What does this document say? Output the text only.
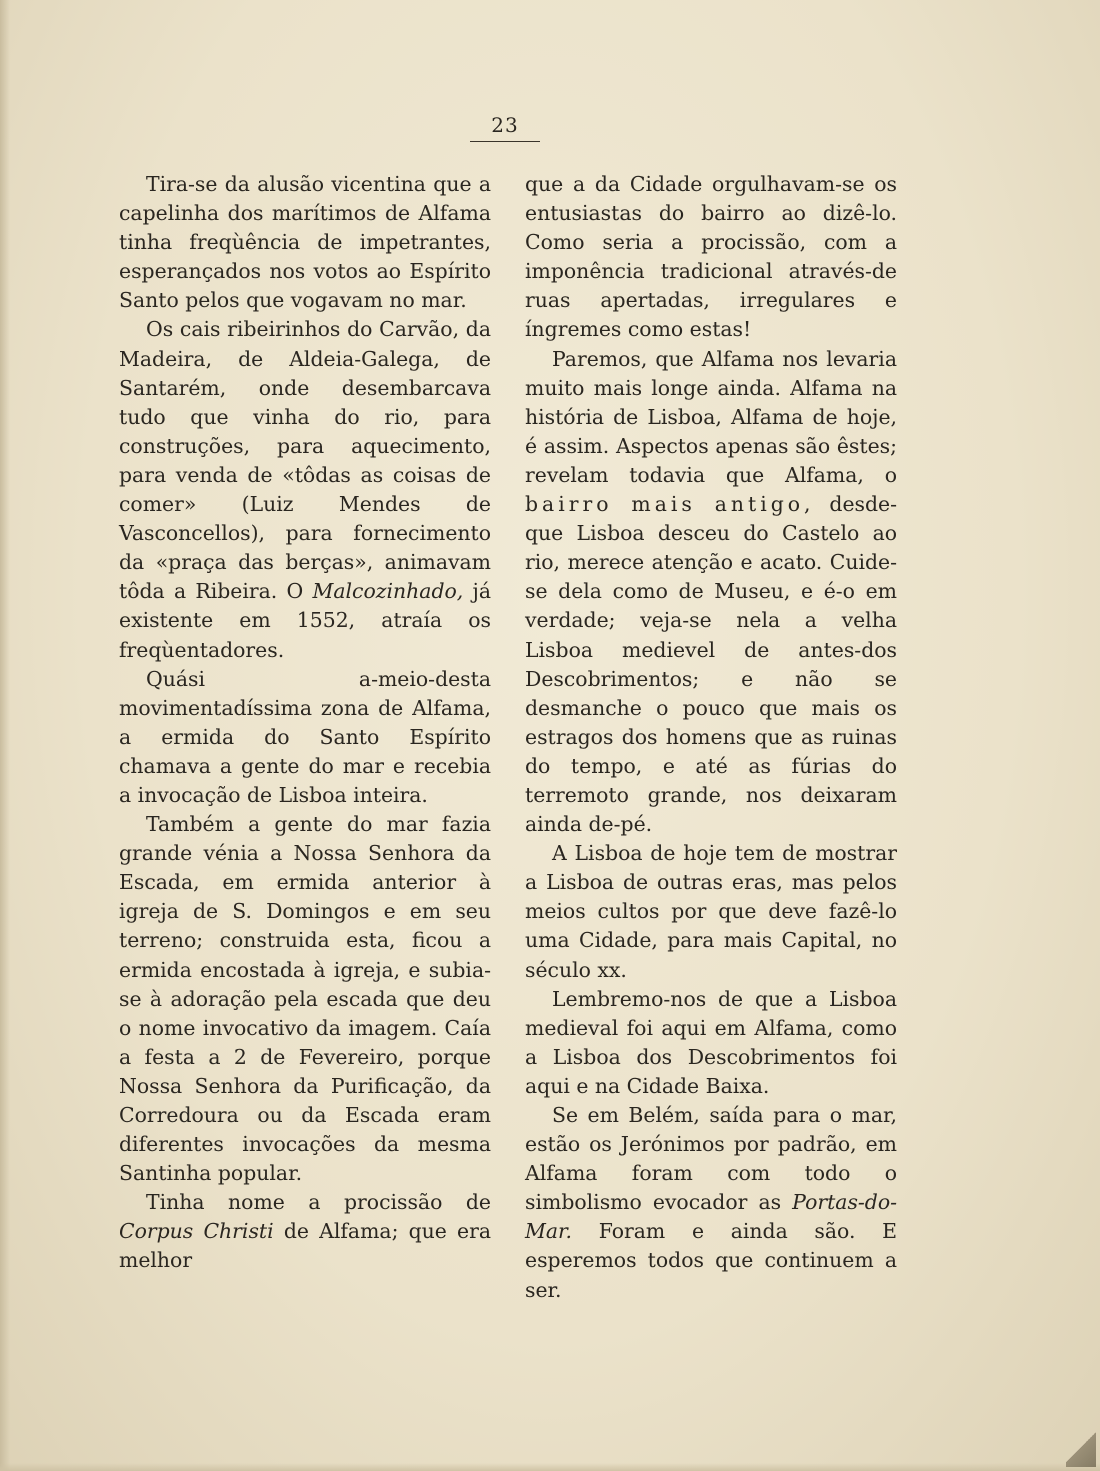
23

Tira-se da alusão vicentina que a capelinha dos marítimos de Alfama tinha freqùência de impetrantes, esperançados nos votos ao Espírito Santo pelos que vogavam no mar.

Os cais ribeirinhos do Carvão, da Madeira, de Aldeia-Galega, de Santarém, onde desembarcava tudo que vinha do rio, para construções, para aquecimento, para venda de «tôdas as coisas de comer» (Luiz Mendes de Vasconcellos), para fornecimento da «praça das berças», animavam tôda a Ribeira. O Malcozinhado, já existente em 1552, atraía os freqùentadores.

Quási a-meio-desta movimentadíssima zona de Alfama, a ermida do Santo Espírito chamava a gente do mar e recebia a invocação de Lisboa inteira.

Também a gente do mar fazia grande vénia a Nossa Senhora da Escada, em ermida anterior à igreja de S. Domingos e em seu terreno; construida esta, ficou a ermida encostada à igreja, e subia-se à adoração pela escada que deu o nome invocativo da imagem. Caía a festa a 2 de Fevereiro, porque Nossa Senhora da Purificação, da Corredoura ou da Escada eram diferentes invocações da mesma Santinha popular.

Tinha nome a procissão de Corpus Christi de Alfama; que era melhor

que a da Cidade orgulhavam-se os entusiastas do bairro ao dizê-lo. Como seria a procissão, com a imponência tradicional através-de ruas apertadas, irregulares e íngremes como estas!

Paremos, que Alfama nos levaria muito mais longe ainda. Alfama na história de Lisboa, Alfama de hoje, é assim. Aspectos apenas são êstes; revelam todavia que Alfama, o bairro mais antigo, desde-que Lisboa desceu do Castelo ao rio, merece atenção e acato. Cuide-se dela como de Museu, e é-o em verdade; veja-se nela a velha Lisboa medievel de antes-dos Descobrimentos; e não se desmanche o pouco que mais os estragos dos homens que as ruinas do tempo, e até as fúrias do terremoto grande, nos deixaram ainda de-pé.

A Lisboa de hoje tem de mostrar a Lisboa de outras eras, mas pelos meios cultos por que deve fazê-lo uma Cidade, para mais Capital, no século xx.

Lembremo-nos de que a Lisboa medieval foi aqui em Alfama, como a Lisboa dos Descobrimentos foi aqui e na Cidade Baixa.

Se em Belém, saída para o mar, estão os Jerónimos por padrão, em Alfama foram com todo o simbolismo evocador as Portas-do-Mar. Foram e ainda são. E esperemos todos que continuem a ser.
